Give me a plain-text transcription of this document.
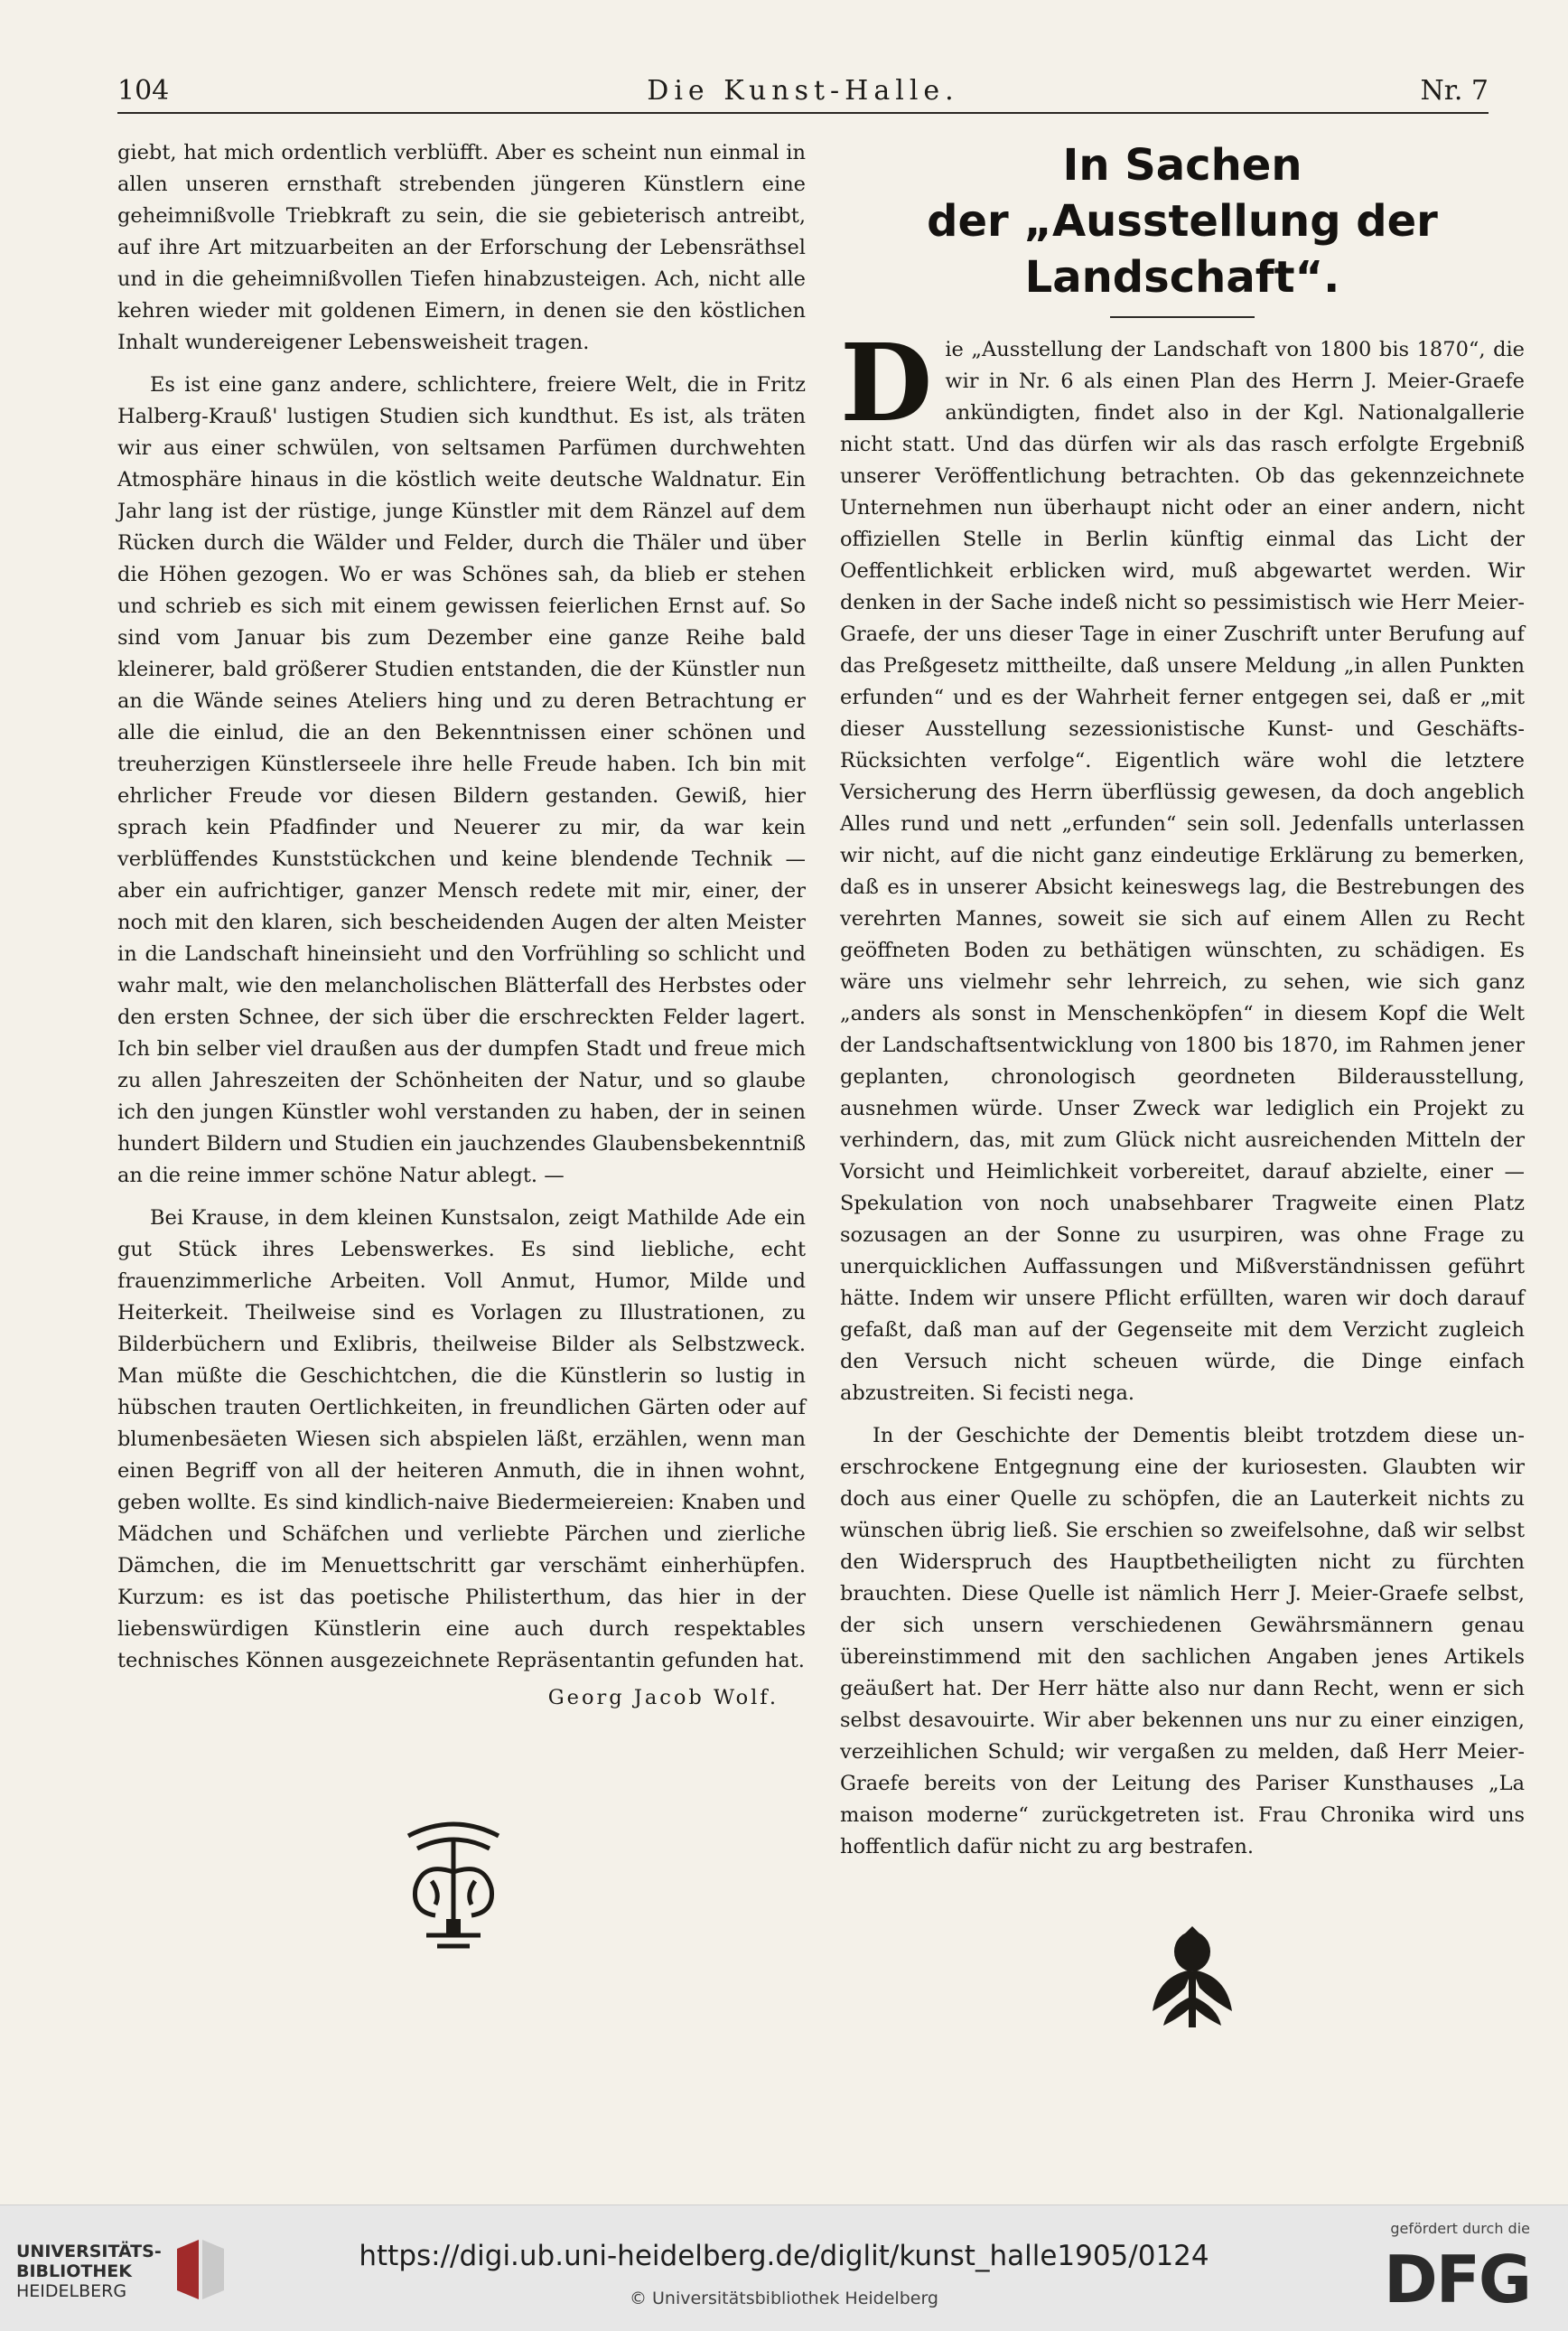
104	Die Kunst-Halle.	Nr. 7

giebt, hat mich ordentlich verblüfft. Aber es scheint nun einmal in allen unseren ernsthaft strebenden jüngeren Künstlern eine geheimnißvolle Triebkraft zu sein, die sie gebieterisch antreibt, auf ihre Art mitzuarbeiten an der Erforschung der Lebensräthsel und in die geheimnißvollen Tiefen hinabzusteigen. Ach, nicht alle kehren wieder mit goldenen Eimern, in denen sie den köstlichen Inhalt wundereigener Lebensweisheit tragen.

Es ist eine ganz andere, schlichtere, freiere Welt, die in Fritz Halberg-Krauß' lustigen Studien sich kundthut. Es ist, als träten wir aus einer schwülen, von seltsamen Parfümen durchwehten Atmosphäre hinaus in die köstlich weite deutsche Waldnatur. Ein Jahr lang ist der rüstige, junge Künstler mit dem Ränzel auf dem Rücken durch die Wälder und Felder, durch die Thäler und über die Höhen gezogen. Wo er was Schönes sah, da blieb er stehen und schrieb es sich mit einem gewissen feierlichen Ernst auf. So sind vom Januar bis zum Dezember eine ganze Reihe bald kleinerer, bald größerer Studien entstanden, die der Künstler nun an die Wände seines Ateliers hing und zu deren Betrachtung er alle die einlud, die an den Bekenntnissen einer schönen und treuherzigen Künstlerseele ihre helle Freude haben. Ich bin mit ehrlicher Freude vor diesen Bildern gestanden. Gewiß, hier sprach kein Pfadfinder und Neuerer zu mir, da war kein verblüffendes Kunststückchen und keine blendende Technik — aber ein aufrichtiger, ganzer Mensch redete mit mir, einer, der noch mit den klaren, sich bescheidenden Augen der alten Meister in die Landschaft hineinsieht und den Vorfrühling so schlicht und wahr malt, wie den melancholischen Blätterfall des Herbstes oder den ersten Schnee, der sich über die erschreckten Felder lagert. Ich bin selber viel draußen aus der dumpfen Stadt und freue mich zu allen Jahreszeiten der Schönheiten der Natur, und so glaube ich den jungen Künstler wohl verstanden zu haben, der in seinen hundert Bildern und Studien ein jauchzendes Glaubensbekenntniß an die reine immer schöne Natur ablegt. —

Bei Krause, in dem kleinen Kunstsalon, zeigt Mathilde Ade ein gut Stück ihres Lebenswerkes. Es sind liebliche, echt frauenzimmerliche Arbeiten. Voll Anmut, Humor, Milde und Heiterkeit. Theilweise sind es Vorlagen zu Illustrationen, zu Bilderbüchern und Exlibris, theilweise Bilder als Selbstzweck. Man müßte die Geschichtchen, die die Künstlerin so lustig in hübschen trauten Oertlichkeiten, in freundlichen Gärten oder auf blumenbesäeten Wiesen sich abspielen läßt, erzählen, wenn man einen Begriff von all der heiteren Anmuth, die in ihnen wohnt, geben wollte. Es sind kindlich-naive Biedermeiereien: Knaben und Mädchen und Schäfchen und verliebte Pärchen und zierliche Dämchen, die im Menuettschritt gar verschämt einherhüpfen. Kurzum: es ist das poetische Philisterthum, das hier in der liebenswürdigen Künstlerin eine auch durch respektables technisches Können ausgezeichnete Repräsentantin gefunden hat.

Georg Jacob Wolf.
In Sachen
der „Ausstellung der Landschaft“.

Die „Ausstellung der Landschaft von 1800 bis 1870“, die wir in Nr. 6 als einen Plan des Herrn J. Meier-Graefe ankündigten, findet also in der Kgl. Nationalgallerie nicht statt. Und das dürfen wir als das rasch erfolgte Ergebniß unserer Veröffentlichung betrachten. Ob das gekennzeichnete Unternehmen nun überhaupt nicht oder an einer andern, nicht offiziellen Stelle in Berlin künftig einmal das Licht der Oeffentlichkeit erblicken wird, muß abgewartet werden. Wir denken in der Sache indeß nicht so pessimistisch wie Herr Meier-Graefe, der uns dieser Tage in einer Zuschrift unter Berufung auf das Preßgesetz mittheilte, daß unsere Meldung „in allen Punkten erfunden“ und es der Wahrheit ferner entgegen sei, daß er „mit dieser Ausstellung sezessionistische Kunst- und Geschäfts-Rücksichten verfolge“. Eigentlich wäre wohl die letztere Versicherung des Herrn überflüssig gewesen, da doch angeblich Alles rund und nett „erfunden“ sein soll. Jedenfalls unterlassen wir nicht, auf die nicht ganz eindeutige Erklärung zu bemerken, daß es in unserer Absicht keineswegs lag, die Bestrebungen des verehrten Mannes, soweit sie sich auf einem Allen zu Recht geöffneten Boden zu bethätigen wünschten, zu schädigen. Es wäre uns vielmehr sehr lehrreich, zu sehen, wie sich ganz „anders als sonst in Menschenköpfen“ in diesem Kopf die Welt der Landschaftsentwicklung von 1800 bis 1870, im Rahmen jener geplanten, chronologisch geordneten Bilderausstellung, ausnehmen würde. Unser Zweck war lediglich ein Projekt zu verhindern, das, mit zum Glück nicht ausreichenden Mitteln der Vorsicht und Heimlichkeit vorbereitet, darauf abzielte, einer — Spekulation von noch unabsehbarer Tragweite einen Platz sozusagen an der Sonne zu usurpiren, was ohne Frage zu unerquicklichen Auffassungen und Mißverständnissen geführt hätte. Indem wir unsere Pflicht erfüllten, waren wir doch darauf gefaßt, daß man auf der Gegenseite mit dem Verzicht zugleich den Versuch nicht scheuen würde, die Dinge einfach abzustreiten. Si fecisti nega.

In der Geschichte der Dementis bleibt trotzdem diese unerschrockene Entgegnung eine der kuriosesten. Glaubten wir doch aus einer Quelle zu schöpfen, die an Lauterkeit nichts zu wünschen übrig ließ. Sie erschien so zweifelsohne, daß wir selbst den Widerspruch des Hauptbetheiligten nicht zu fürchten brauchten. Diese Quelle ist nämlich Herr J. Meier-Graefe selbst, der sich unsern verschiedenen Gewährsmännern genau übereinstimmend mit den sachlichen Angaben jenes Artikels geäußert hat. Der Herr hätte also nur dann Recht, wenn er sich selbst desavouirte. Wir aber bekennen uns nur zu einer einzigen, verzeihlichen Schuld; wir vergaßen zu melden, daß Herr Meier-Graefe bereits von der Leitung des Pariser Kunsthauses „La maison moderne“ zurückgetreten ist. Frau Chronika wird uns hoffentlich dafür nicht zu arg bestrafen.

UNIVERSITÄTS-
BIBLIOTHEK
HEIDELBERG
https://digi.ub.uni-heidelberg.de/diglit/kunst_halle1905/0124
© Universitätsbibliothek Heidelberg
gefördert durch die
DFG
